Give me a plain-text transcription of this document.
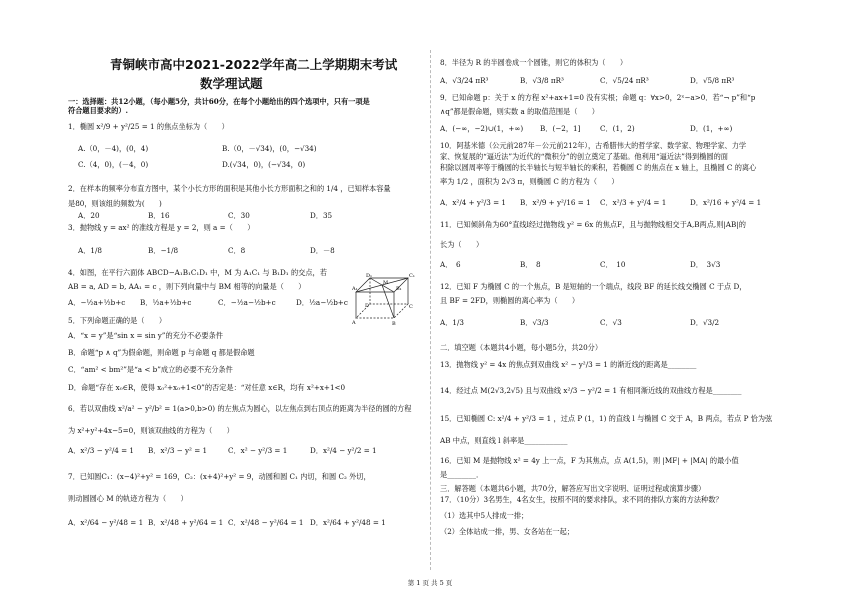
青铜峡市高中2021-2022学年高二上学期期末考试
数学理试题
一：选择题：共12小题，（每小题5分，共计60分，在每个小题给出的四个选项中，只有一项是
符合题目要求的）.
1．椭圆 x²/9 + y²/25 = 1 的焦点坐标为（　　）
A.（0，－4)，(0，4)	B.（0，－√34)，(0，−√34)
C.（4，0)，(－4，0)	D.(√34，0)，(−√34，0)
2．在样本的频率分布直方图中，某个小长方形的面积是其他小长方形面积之和的 1/4 ，已知样本容量
是80，则该组的频数为(　　)
A．20	B．16	C．30	D．35
3．抛物线 y = ax² 的准线方程是 y = 2，则 a =（　　）
A．1/8	B．−1/8	C．8	D．－8
4．如图，在平行六面体 ABCD−A₁B₁C₁D₁ 中，M 为 A₁C₁ 与 B₁D₁ 的交点，若
AB = a, AD = b, AA₁ = c ，则下列向量中与 BM 相等的向量是（　　）
A．−½a+½b+c B．½a+½b+c	C．−½a−½b+c	D．½a−½b+c
A₁	B₁
C₁
D₁
M
A	B
C
D
5．下列命题正确的是（　　）
A．“x = y”是“sin x = sin y”的充分不必要条件
B．命题“p ∧ q”为假命题，则命题 p 与命题 q 都是假命题
C．“am² < bm²”是“a < b”成立的必要不充分条件
D．命题“存在 x₀∈R，使得 x₀²+x₀+1<0”的否定是：“对任意 x∈R，均有 x²+x+1<0
6．若以双曲线 x²/a² − y²/b² = 1(a>0,b>0) 的左焦点为圆心，以左焦点到右顶点的距离为半径的圆的方程
为 x²+y²+4x−5=0，则该双曲线的方程为（　　）
A．x²/3 − y²/4 = 1 B．x²/3 − y² = 1	C．x² − y²/3 = 1	D．x²/4 − y²/2 = 1
7．已知圆C₁：(x−4)²+y² = 169，C₂：(x+4)²+y² = 9，动圆和圆 C₁ 内切，和圆 C₂ 外切，
则动圆圆心 M 的轨迹方程为（　　）
A．x²/64 − y²/48 = 1 B．x²/48 + y²/64 = 1 C．x²/48 − y²/64 = 1 D．x²/64 + y²/48 = 1
8．半径为 R 的半圆卷成一个圆锥，则它的体积为（　　）
A．√3/24 πR³	B．√3/8 πR³	C．√5/24 πR³	D．√5/8 πR³
9．已知命题 p：关于 x 的方程 x²+ax+1=0 没有实根；命题 q：∀x>0，2ˣ−a>0．若“¬ p”和“p
∧q”都是假命题，则实数 a 的取值范围是（　　）
A．(−∞，−2)∪(1，+∞) B．(−2，1]	C．(1，2)	D．(1，+∞)
10．阿基米德（公元前287年－公元前212年），古希腊伟大的哲学家、数学家、物理学家、力学
家、恢复展的“逼近法”为近代的“微积分”的创立奠定了基础。他利用“逼近法”得到椭圆的面
积除以圆周率等于椭圆的长半轴长与短半轴长的乘积，若椭圆 C 的焦点在 x 轴上，且椭圆 C 的离心
率为 1/2 ，面积为 2√3 π，则椭圆 C 的方程为（　　）
A．x²/4 + y²/3 = 1 B．x²/9 + y²/16 = 1 C．x²/3 + y²/4 = 1	D．x²/16 + y²/4 = 1
11．已知倾斜角为60°直线l经过抛物线 y² = 6x 的焦点F，且与抛物线相交于A,B两点,则|AB|的
长为（　　）
A．　6	B．　8	C．　10	D．　3√3
12．已知 F 为椭圆 C 的一个焦点，B 是短轴的一个端点，线段 BF 的延长线交椭圆 C 于点 D，
且 BF = 2FD，则椭圆的离心率为（　　）
A．1/3	B．√3/3	C．√3	D．√3/2
二．填空题（本题共4小题，每小题5分，共20分）
13．抛物线 y² = 4x 的焦点到双曲线 x² − y²/3 = 1 的渐近线的距离是________
14．经过点 M(2√3,2√5) 且与双曲线 x²/3 − y²/2 = 1 有相同渐近线的双曲线方程是________
15．已知椭圆 C: x²/4 + y²/3 = 1 ，过点 P (1，1) 的直线 l 与椭圆 C 交于 A，B 两点，若点 P 恰为弦
AB 中点，则直线 l 斜率是____________
16．已知 M 是抛物线 x² = 4y 上一点，F 为其焦点，点 A(1,5)，则 |MF| + |MA| 的最小值
是________．
三．解答题（本题共6小题，共70分，解答应写出文字说明、证明过程或演算步骤）
17．（10分）3名男生，4名女生，按照不同的要求排队，求不同的排队方案的方法种数？
（1）选其中5人排成一排；
（2）全体站成一排，男、女各站在一起；
第 1 页 共 5 页
